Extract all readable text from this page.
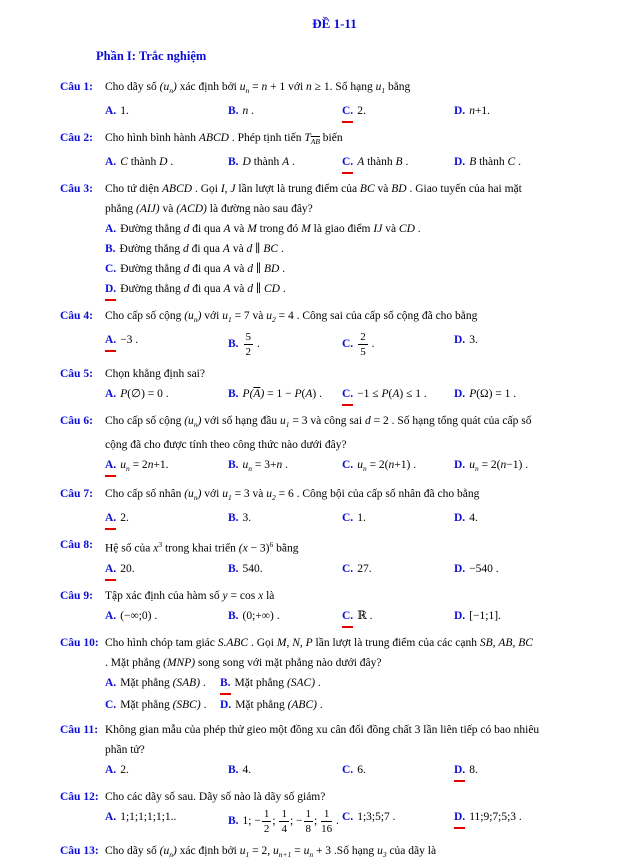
ĐỀ 1-11
Phần I: Trắc nghiệm
Câu 1:	Cho dãy số $(u_n)$ xác định bởi $u_n = n + 1$ với n ≥ 1. Số hạng $u_1$ bằng
A. 1.	B. n .	C. 2.	D. n+1.
Câu 2:	Cho hình bình hành ABCD . Phép tịnh tiến $T_{\overline{AB}}$ biến
A. C thành D .	B. D thành A .	C. A thành B .	D. B thành C .
Câu 3:	Cho tứ diện ABCD . Gọi I, J lần lượt là trung điểm của BC và BD . Giao tuyến của hai mặt
phẳng (AIJ) và (ACD) là đường nào sau đây?
A. Đường thẳng d đi qua A và M trong đó M là giao điểm IJ và CD .
B. Đường thẳng d đi qua A và d ∥ BC .
C. Đường thẳng d đi qua A và d ∥ BD .
D. Đường thẳng d đi qua A và d ∥ CD .
Câu 4:	Cho cấp số cộng $(u_n)$ với $u_1 = 7$ và $u_2 = 4$ . Công sai của cấp số cộng đã cho bằng
A. −3 .	B. $\frac{5}{2}$ .	C. $\frac{2}{5}$ .	D. 3.
Câu 5:	Chọn khẳng định sai?
A. P(∅) = 0 .	B. $P(\overline{A}) = 1 - P(A)$ .	C. −1 ≤ P(A) ≤ 1 .	D. P(Ω) = 1 .
Câu 6:	Cho cấp số cộng $(u_n)$ với số hạng đầu $u_1 = 3$ và công sai d = 2 . Số hạng tổng quát của cấp số
cộng đã cho được tính theo công thức nào dưới đây?
A. $u_n = 2n+1$.	B. $u_n = 3+n$ .	C. $u_n = 2(n+1)$ .	D. $u_n = 2(n-1)$ .
Câu 7:	Cho cấp số nhân $(u_n)$ với $u_1 = 3$ và $u_2 = 6$ . Công bội của cấp số nhân đã cho bằng
A. 2.	B. 3.	C. 1.	D. 4.
Câu 8:	Hệ số của $x^3$ trong khai triển $(x - 3)^6$ bằng
A. 20.	B. 540.	C. 27.	D. −540 .
Câu 9:	Tập xác định của hàm số y = cos x là
A. (−∞;0) .	B. (0;+∞) .	C. ℝ .	D. [−1;1].
Câu 10: Cho hình chóp tam giác S.ABC . Gọi M, N, P lần lượt là trung điểm của các cạnh SB, AB, BC
. Mặt phẳng (MNP) song song với mặt phẳng nào dưới đây?
A. Mặt phẳng (SAB) .	B. Mặt phẳng (SAC) .
C. Mặt phẳng (SBC) .	D. Mặt phẳng (ABC) .
Câu 11: Không gian mẫu của phép thử gieo một đồng xu cân đối đồng chất 3 lần liên tiếp có bao nhiêu
phần tử?
A. 2.	B. 4.	C. 6.	D. 8.
Câu 12: Cho các dãy số sau. Dãy số nào là dãy số giảm?
A. 1;1;1;1;1;1..	B. 1; − $\frac{1}{2}$ ; $\frac{1}{4}$ ; − $\frac{1}{8}$ ; $\frac{1}{16}$ . C. 1;3;5;7 .	D. 11;9;7;5;3 .
Câu 13: Cho dãy số $(u_n)$ xác định bởi $u_1 = 2$, $u_{n+1} = u_n + 3$ .Số hạng $u_3$ của dãy là
